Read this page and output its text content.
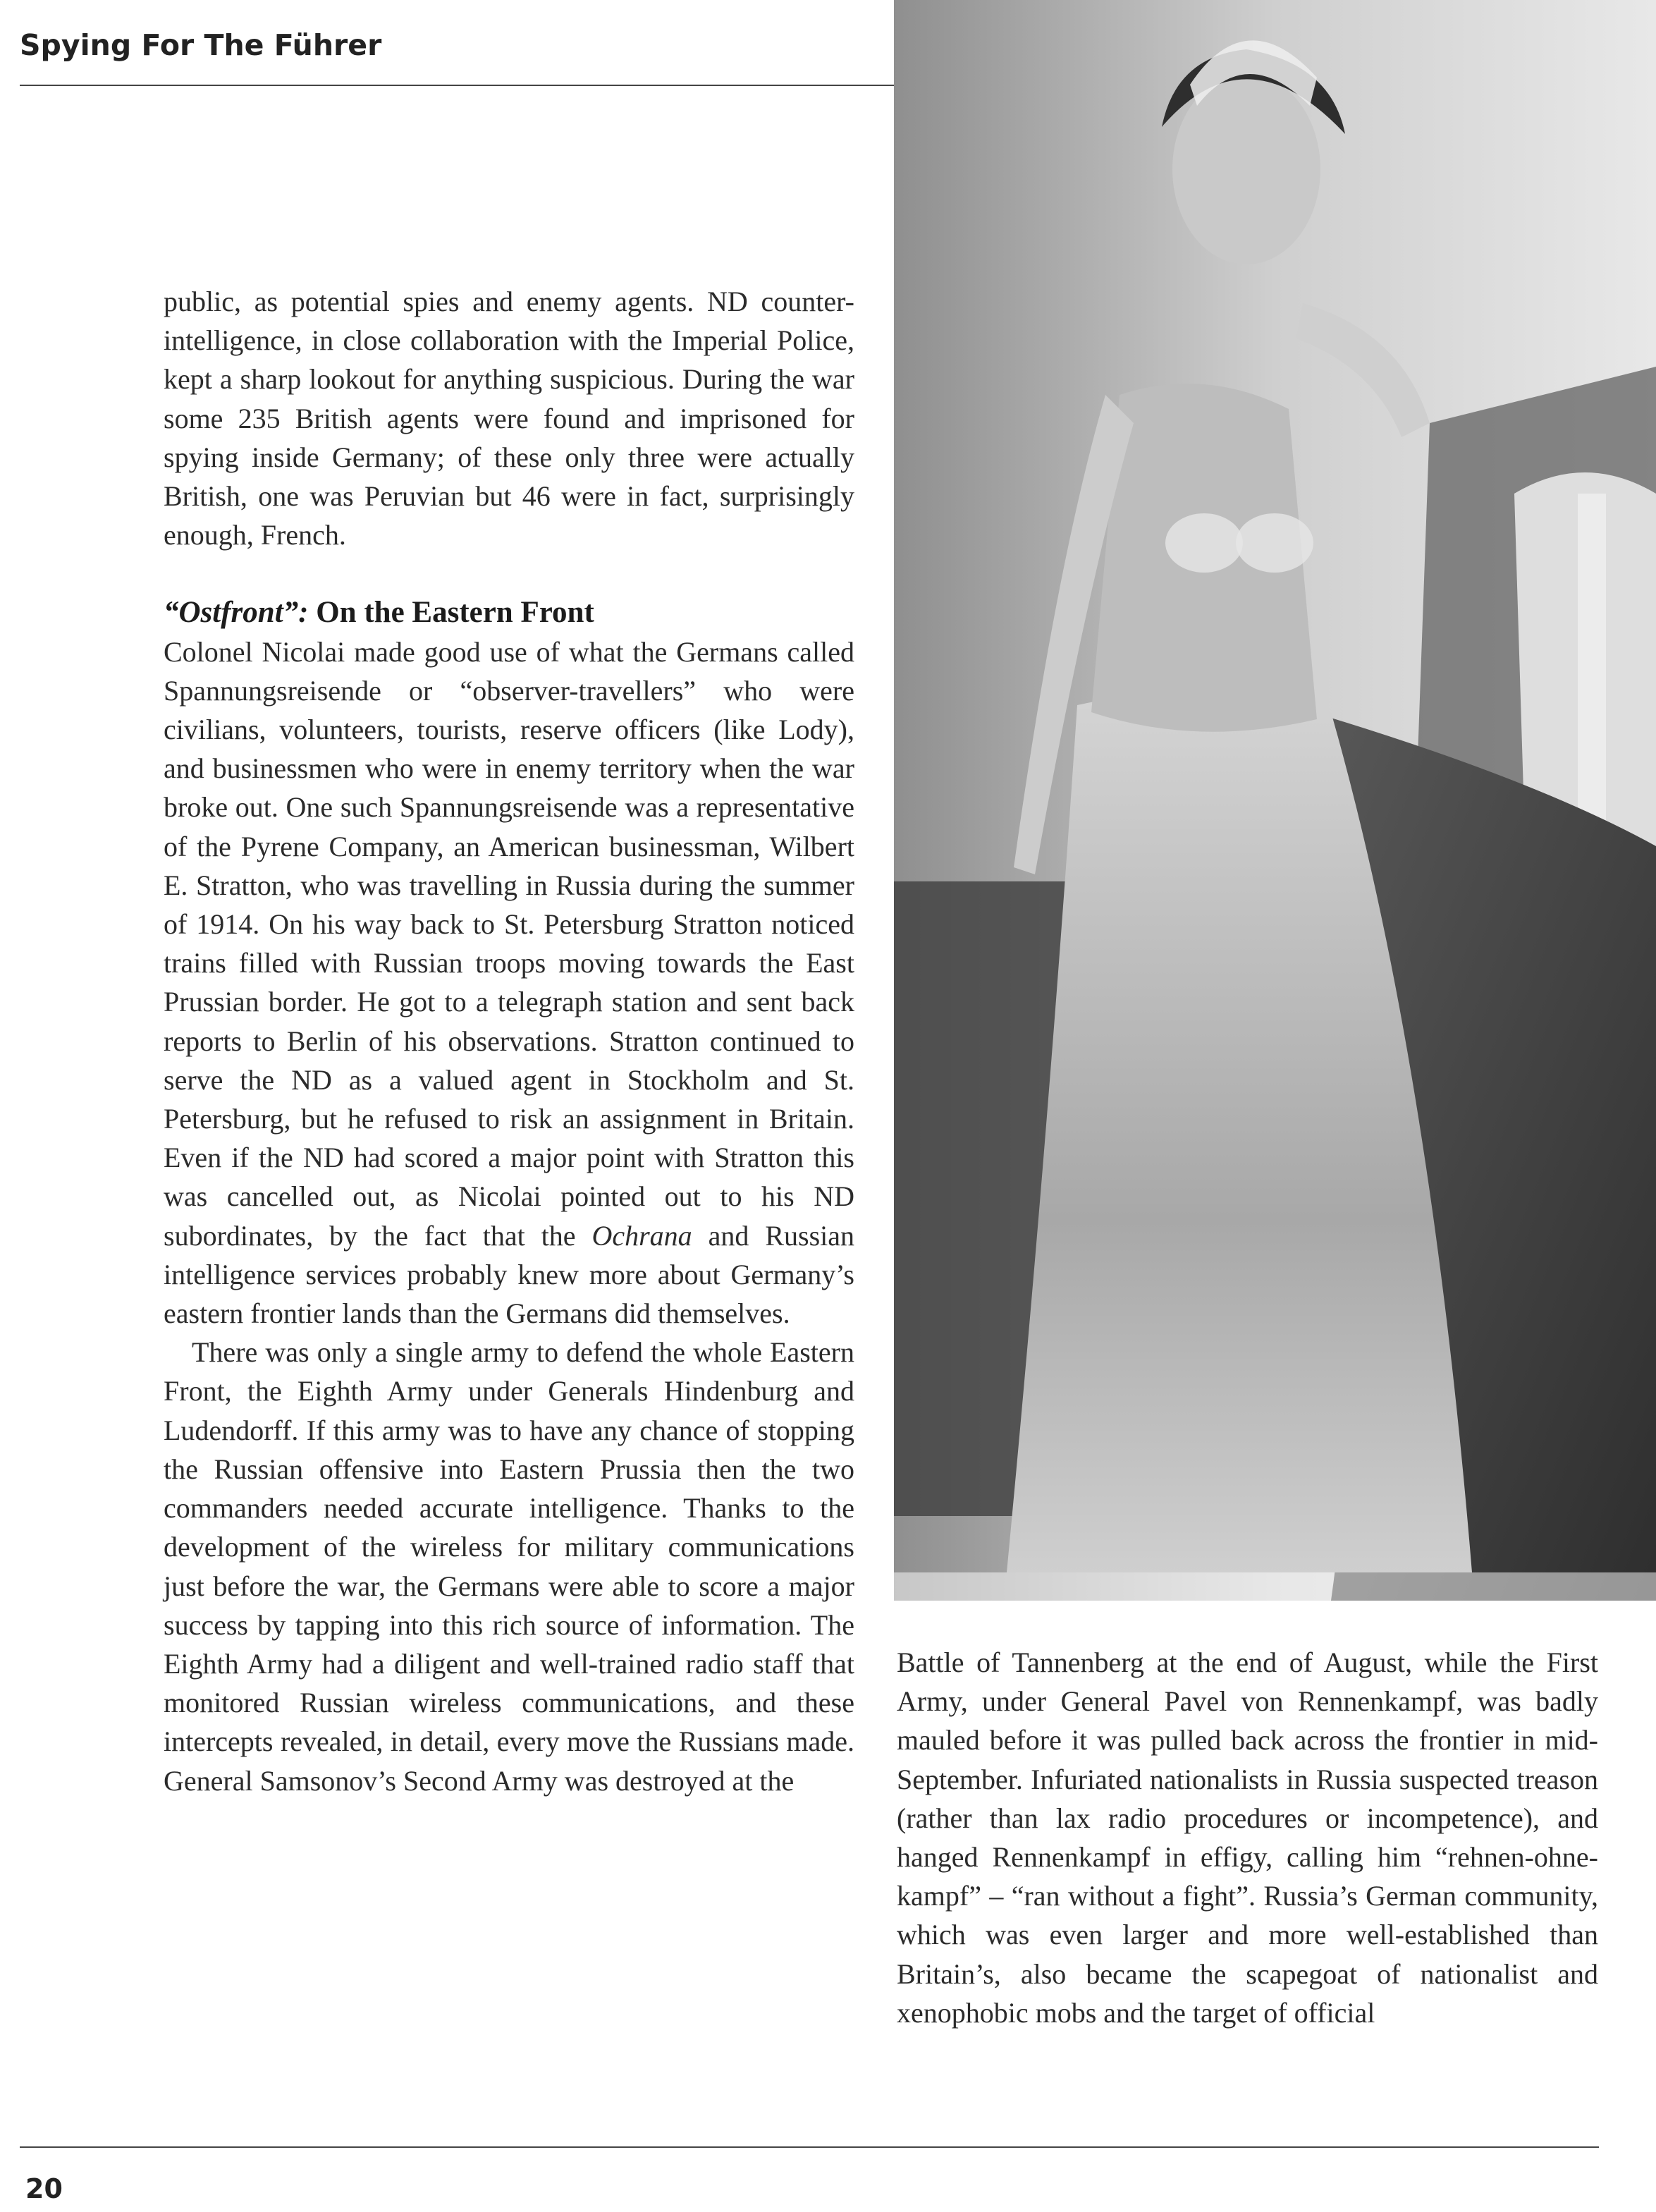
Spying For The Führer

public, as potential spies and enemy agents. ND counter-intelligence, in close collaboration with the Imperial Police, kept a sharp lookout for anything suspicious. During the war some 235 British agents were found and imprisoned for spying inside Germany; of these only three were actually British, one was Peruvian but 46 were in fact, surprisingly enough, French.

“Ostfront”: On the Eastern Front

Colonel Nicolai made good use of what the Germans called Spannungsreisende or “observer-travellers” who were civilians, volunteers, tourists, reserve officers (like Lody), and businessmen who were in enemy territory when the war broke out. One such Spannungsreisende was a representative of the Pyrene Company, an American businessman, Wilbert E. Stratton, who was travelling in Russia during the summer of 1914. On his way back to St. Petersburg Stratton noticed trains filled with Russian troops moving towards the East Prussian border. He got to a telegraph station and sent back reports to Berlin of his observations. Stratton continued to serve the ND as a valued agent in Stockholm and St. Petersburg, but he refused to risk an assignment in Britain. Even if the ND had scored a major point with Stratton this was cancelled out, as Nicolai pointed out to his ND subordinates, by the fact that the Ochrana and Russian intelligence services probably knew more about Germany’s eastern frontier lands than the Germans did themselves.

There was only a single army to defend the whole Eastern Front, the Eighth Army under Generals Hindenburg and Ludendorff. If this army was to have any chance of stopping the Russian offensive into Eastern Prussia then the two commanders needed accurate intelligence. Thanks to the development of the wireless for military communications just before the war, the Germans were able to score a major success by tapping into this rich source of information. The Eighth Army had a diligent and well-trained radio staff that monitored Russian wireless communications, and these intercepts revealed, in detail, every move the Russians made. General Samsonov’s Second Army was destroyed at the

Battle of Tannenberg at the end of August, while the First Army, under General Pavel von Rennenkampf, was badly mauled before it was pulled back across the frontier in mid-September. Infuriated nationalists in Russia suspected treason (rather than lax radio procedures or incompetence), and hanged Rennenkampf in effigy, calling him “rehnen-ohne-kampf” – “ran without a fight”. Russia’s German community, which was even larger and more well-established than Britain’s, also became the scapegoat of nationalist and xenophobic mobs and the target of official

20
